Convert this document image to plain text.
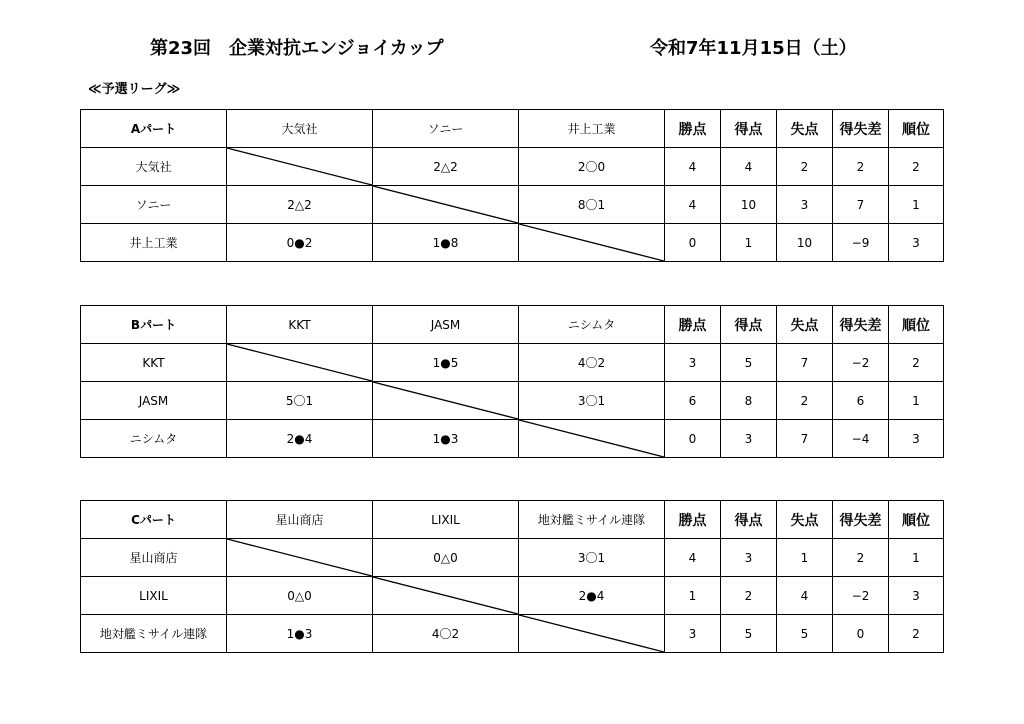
第23回　企業対抗エンジョイカップ	令和7年11月15日（土）
≪予選リーグ≫
Aパート	大気社	ソニー	井上工業	勝点	得点	失点	得失差	順位
大気社		2△2	2〇0	4	4	2	2	2
ソニー	2△2		8〇1	4	10	3	7	1
井上工業	0●2	1●8		0	1	10	−9	3
Bパート	KKT	JASM	ニシムタ	勝点	得点	失点	得失差	順位
KKT		1●5	4〇2	3	5	7	−2	2
JASM	5〇1		3〇1	6	8	2	6	1
ニシムタ	2●4	1●3		0	3	7	−4	3
Cパート	星山商店	LIXIL	地対艦ミサイル連隊	勝点	得点	失点	得失差	順位
星山商店		0△0	3〇1	4	3	1	2	1
LIXIL	0△0		2●4	1	2	4	−2	3
地対艦ミサイル連隊	1●3	4〇2		3	5	5	0	2
